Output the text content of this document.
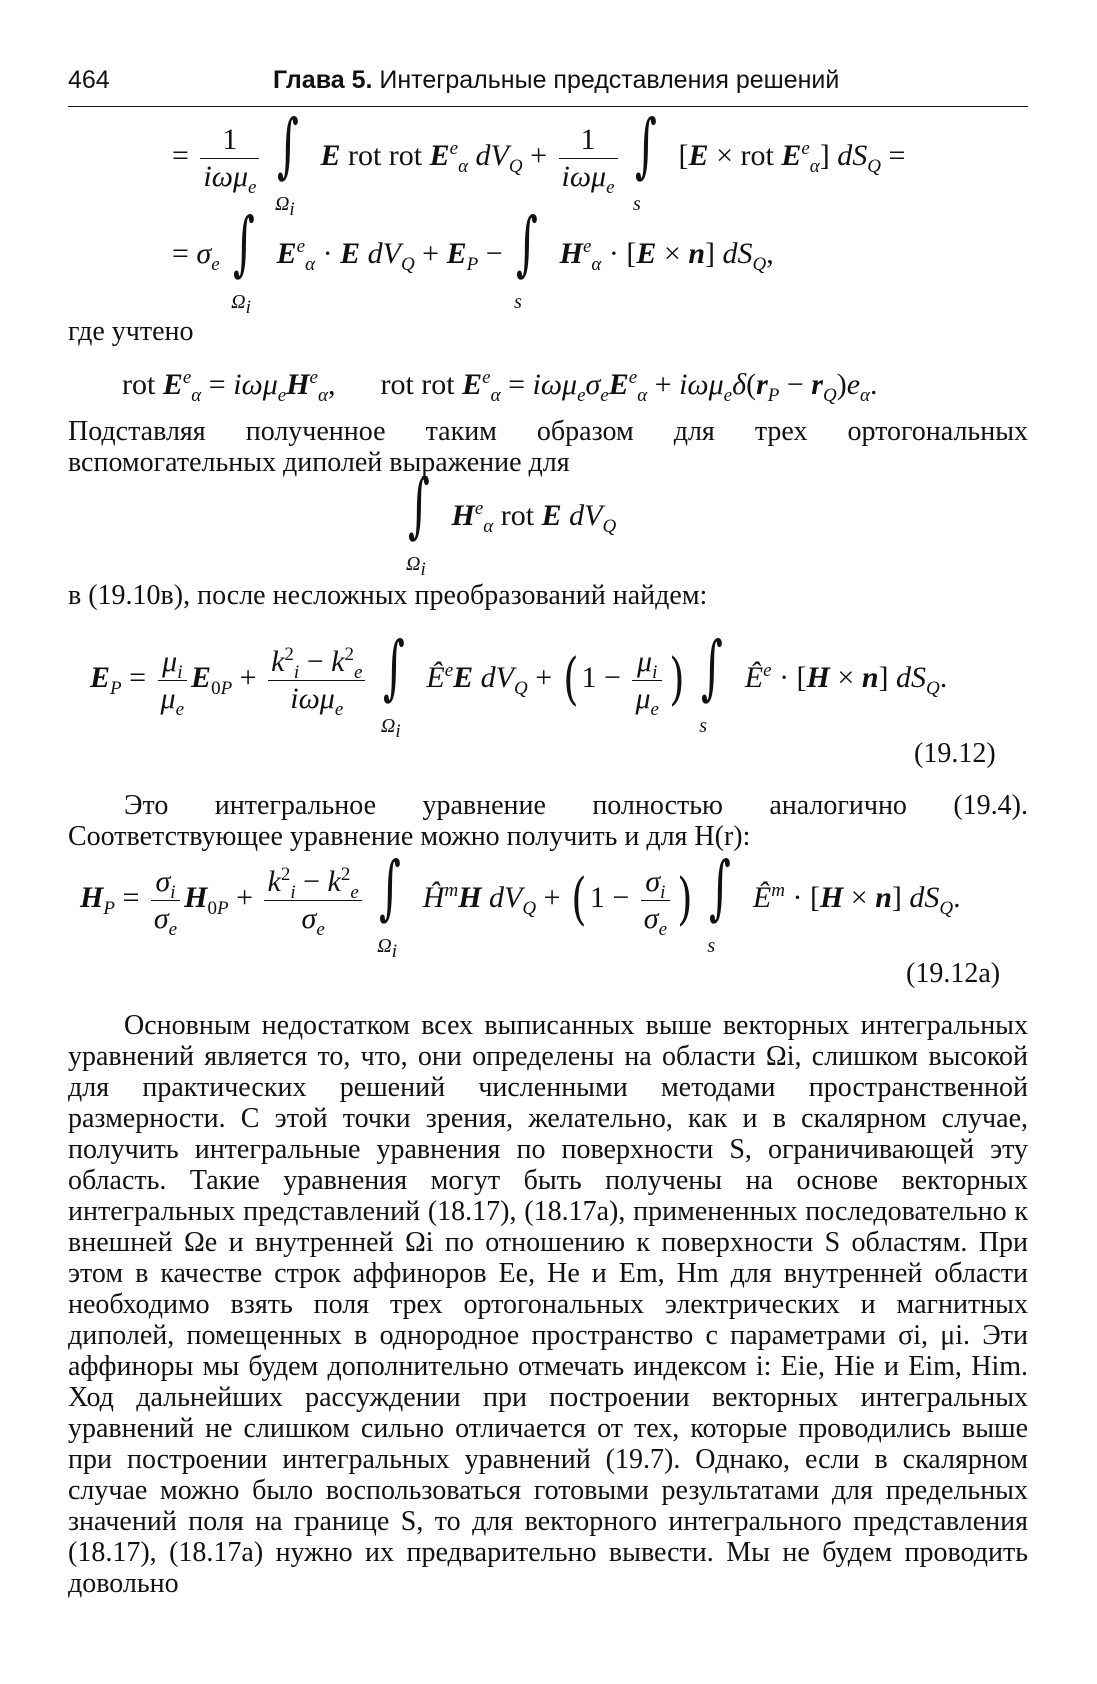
464	Глава 5. Интегральные представления решений
= $\frac{1}{i\omega\mu_e}$
∫
$\Omega_i$
E rot rot $E^e_\alpha$ $dV_Q + \frac{1}{i\omega\mu_e}$
∫
s
[E × rot $E^e_\alpha$] $dS_Q$ =
= $\sigma_e$ ∫
$\Omega_i$
$E^e_\alpha \cdot E$ $dV_Q + E_P$ − ∫
s
$H^e_\alpha \cdot [E \times n]$ $dS_Q$,
где учтено
rot $E^e_\alpha = i\omega\mu_eH^e_\alpha$,      rot rot $E^e_\alpha = i\omega\mu_e\sigma_eE^e_\alpha + i\omega\mu_e\delta(r_P - r_Q)e_\alpha$.

Подставляя полученное таким образом для трех ортогональных вспомогательных диполей выражение для

∫
$\Omega_i$
$H^e_\alpha$ rot E $dV_Q$

в (19.10в), после несложных преобразований найдем:

$E_P = \frac{\mu_i}{\mu_e} E_{0P} + \frac{k^2_i - k^2_e}{i\omega\mu_e}$
∫
$\Omega_i$
$Ê^eE$ $dV_Q$ + ( $1 - \frac{\mu_i}{\mu_e}$ ) ∫
s
$Ê^e \cdot [H \times n]$ $dS_Q$.
(19.12)

Это интегральное уравнение полностью аналогично (19.4). Соответствующее уравнение можно получить и для H(r):

$H_P = \frac{\sigma_i}{\sigma_e} H_{0P} + \frac{k^2_i - k^2_e}{\sigma_e}$
∫
$\Omega_i$
$Ĥ^mH$ $dV_Q$ + ( $1 - \frac{\sigma_i}{\sigma_e}$ ) ∫
s
$Ê^m \cdot [H \times n]$ $dS_Q$.
(19.12a)

Основным недостатком всех выписанных выше векторных интегральных уравнений является то, что, они определены на области Ωi, слишком высокой для практических решений численными методами пространственной размерности. С этой точки зрения, желательно, как и в скалярном случае, получить интегральные уравнения по поверхности S, ограничивающей эту область. Такие уравнения могут быть получены на основе векторных интегральных представлений (18.17), (18.17a), примененных последовательно к внешней Ωe и внутренней Ωi по отношению к поверхности S областям. При этом в качестве строк аффиноров Ee, He и Em, Hm для внутренней области необходимо взять поля трех ортогональных электрических и магнитных диполей, помещенных в однородное пространство с параметрами σi, μi. Эти аффиноры мы будем дополнительно отмечать индексом i: Eie, Hie и Eim, Him. Ход дальнейших рассуждении при построении векторных интегральных уравнений не слишком сильно отличается от тех, которые проводились выше при построении интегральных уравнений (19.7). Однако, если в скалярном случае можно было воспользоваться готовыми результатами для предельных значений поля на границе S, то для векторного интегрального представления (18.17), (18.17a) нужно их предварительно вывести. Мы не будем проводить довольно
